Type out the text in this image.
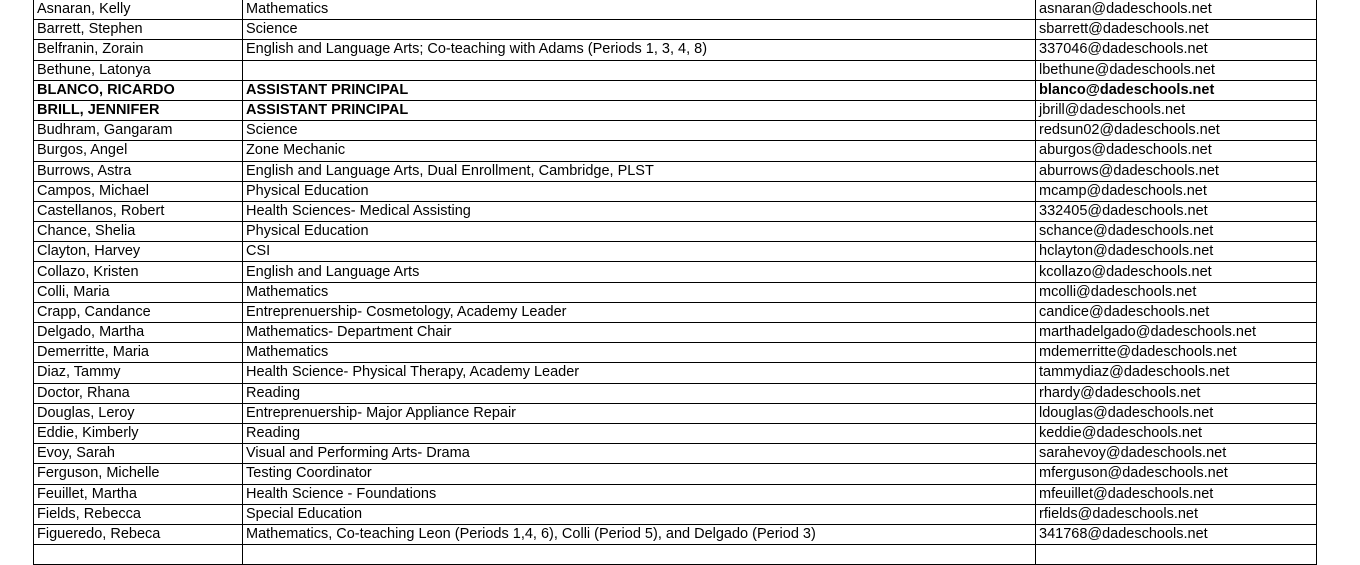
Asnaran, Kelly	Mathematics	asnaran@dadeschools.net
Barrett, Stephen	Science	sbarrett@dadeschools.net
Belfranin, Zorain	English and Language Arts; Co-teaching with Adams (Periods 1, 3, 4, 8)	337046@dadeschools.net
Bethune, Latonya		lbethune@dadeschools.net
BLANCO, RICARDO	ASSISTANT PRINCIPAL	blanco@dadeschools.net
BRILL, JENNIFER	ASSISTANT PRINCIPAL	jbrill@dadeschools.net
Budhram, Gangaram	Science	redsun02@dadeschools.net
Burgos, Angel	Zone Mechanic	aburgos@dadeschools.net
Burrows, Astra	English and Language Arts, Dual Enrollment, Cambridge, PLST	aburrows@dadeschools.net
Campos, Michael	Physical Education	mcamp@dadeschools.net
Castellanos, Robert	Health Sciences- Medical Assisting	332405@dadeschools.net
Chance, Shelia	Physical Education	schance@dadeschools.net
Clayton, Harvey	CSI	hclayton@dadeschools.net
Collazo, Kristen	English and Language Arts	kcollazo@dadeschools.net
Colli, Maria	Mathematics	mcolli@dadeschools.net
Crapp, Candance	Entreprenuership- Cosmetology, Academy Leader	candice@dadeschools.net
Delgado, Martha	Mathematics- Department Chair	marthadelgado@dadeschools.net
Demerritte, Maria	Mathematics	mdemerritte@dadeschools.net
Diaz, Tammy	Health Science- Physical Therapy, Academy Leader	tammydiaz@dadeschools.net
Doctor, Rhana	Reading	rhardy@dadeschools.net
Douglas, Leroy	Entreprenuership- Major Appliance Repair	ldouglas@dadeschools.net
Eddie, Kimberly	Reading	keddie@dadeschools.net
Evoy, Sarah	Visual and Performing Arts- Drama	sarahevoy@dadeschools.net
Ferguson, Michelle	Testing Coordinator	mferguson@dadeschools.net
Feuillet, Martha	Health Science - Foundations	mfeuillet@dadeschools.net
Fields, Rebecca	Special Education	rfields@dadeschools.net
Figueredo, Rebeca	Mathematics, Co-teaching Leon (Periods 1,4, 6), Colli (Period 5), and Delgado (Period 3)	341768@dadeschools.net
